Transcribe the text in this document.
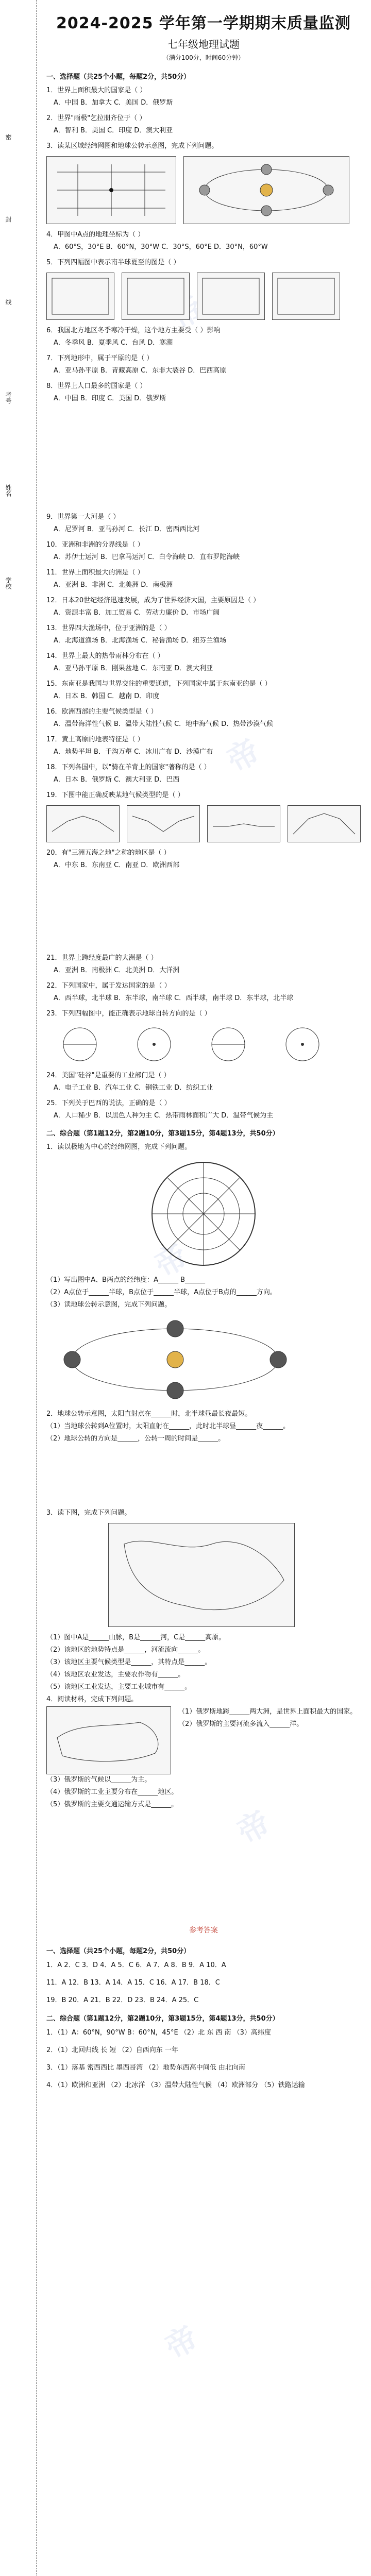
密
封
线
考号
姓名
学校
帝
帝
帝
帝
帝
2024-2025 学年第一学期期末质量监测
七年级地理试题
（满分100分，时间60分钟）
一、选择题（共25个小题，每题2分，共50分）
1．世界上面积最大的国家是（ ）
A．中国 B．加拿大 C．美国 D．俄罗斯
2．世界"雨极"乞拉朋齐位于（ ）
A．智利 B．美国 C．印度 D．澳大利亚
3．读某区域经纬网图和地球公转示意图，完成下列问题。
4．甲图中A点的地理坐标为（ ）
A．60°S，30°E B．60°N，30°W C．30°S，60°E D．30°N，60°W
5．下列四幅图中表示南半球夏至的图是（ ）
6．我国北方地区冬季寒冷干燥，这个地方主要受（ ）影响
A．冬季风 B．夏季风 C．台风 D．寒潮
7．下列地形中，属于平原的是（ ）
A．亚马孙平原 B．青藏高原 C．东非大裂谷 D．巴西高原
8．世界上人口最多的国家是（ ）
A．中国 B．印度 C．美国 D．俄罗斯
9．世界第一大河是（ ）
A．尼罗河 B．亚马孙河 C．长江 D．密西西比河
10．亚洲和非洲的分界线是（ ）
A．苏伊士运河 B．巴拿马运河 C．白令海峡 D．直布罗陀海峡
11．世界上面积最大的洲是（ ）
A．亚洲 B．非洲 C．北美洲 D．南极洲
12．日本20世纪经济迅速发展，成为了世界经济大国，主要原因是（ ）
A．资源丰富 B．加工贸易 C．劳动力廉价 D．市场广阔
13．世界四大渔场中，位于亚洲的是（ ）
A．北海道渔场 B．北海渔场 C．秘鲁渔场 D．纽芬兰渔场
14．世界上最大的热带雨林分布在（ ）
A．亚马孙平原 B．刚果盆地 C．东南亚 D．澳大利亚
15．东南亚是我国与世界交往的重要通道，下列国家中属于东南亚的是（ ）
A．日本 B．韩国 C．越南 D．印度
16．欧洲西部的主要气候类型是（ ）
A．温带海洋性气候 B．温带大陆性气候 C．地中海气候 D．热带沙漠气候
17．黄土高原的地表特征是（ ）
A．地势平坦 B．千沟万壑 C．冰川广布 D．沙漠广布
18．下列各国中，以"骑在羊背上的国家"著称的是（ ）
A．日本 B．俄罗斯 C．澳大利亚 D．巴西
19．下图中能正确反映某地气候类型的是（ ）
20．有"三洲五海之地"之称的地区是（ ）
A．中东 B．东南亚 C．南亚 D．欧洲西部
21．世界上跨经度最广的大洲是（ ）
A．亚洲 B．南极洲 C．北美洲 D．大洋洲
22．下列国家中，属于发达国家的是（ ）
A．西半球，北半球 B．东半球，南半球 C．西半球，南半球 D．东半球，北半球
23．下列四幅图中，能正确表示地球自转方向的是（ ）
24．美国"硅谷"是重要的工业部门是（ ）
A．电子工业 B．汽车工业 C．钢铁工业 D．纺织工业
25．下列关于巴西的说法，正确的是（ ）
A．人口稀少 B．以黑色人种为主 C．热带雨林面积广大 D．温带气候为主
二、综合题（第1题12分，第2题10分，第3题15分，第4题13分，共50分）
1．读以极地为中心的经纬网图，完成下列问题。
（1）写出图中A、B两点的经纬度：A______ B______
（2）A点位于______半球，B点位于______半球，A点位于B点的______方向。
（3）读地球公转示意图，完成下列问题。
2．地球公转示意图，太阳直射点在______时，北半球昼最长夜最短。
（1）当地球公转到A位置时，太阳直射在______，此时北半球昼______夜______。
（2）地球公转的方向是______，公转一周的时间是______。
3．读下图，完成下列问题。
（1）图中A是______山脉，B是______河，C是______高原。
（2）该地区的地势特点是______，河流流向______。
（3）该地区主要气候类型是______，其特点是______。
（4）该地区农业发达，主要农作物有______。
（5）该地区工业发达，主要工业城市有______。
4．阅读材料，完成下列问题。
（1）俄罗斯地跨______两大洲，是世界上面积最大的国家。
（2）俄罗斯的主要河流多流入______洋。
（3）俄罗斯的气候以______为主。
（4）俄罗斯的工业主要分布在______地区。
（5）俄罗斯的主要交通运输方式是______。
参考答案
一、选择题（共25个小题，每题2分，共50分）
1．A 2．C 3．D 4．A 5．C 6．A 7．A 8．B 9．A 10．A
11．A 12．B 13．A 14．A 15．C 16．A 17．B 18．C
19．B 20．A 21．B 22．D 23．B 24．A 25．C
二、综合题（第1题12分，第2题10分，第3题15分，第4题13分，共50分）
1．（1）A：60°N，90°W B：60°N，45°E （2）北 东 西 南 （3）高纬度
2．（1）北回归线 长 短 （2）自西向东 一年
3．（1）落基 密西西比 墨西哥湾 （2）地势东西高中间低 由北向南
4．（1）欧洲和亚洲 （2）北冰洋 （3）温带大陆性气候 （4）欧洲部分 （5）铁路运输
